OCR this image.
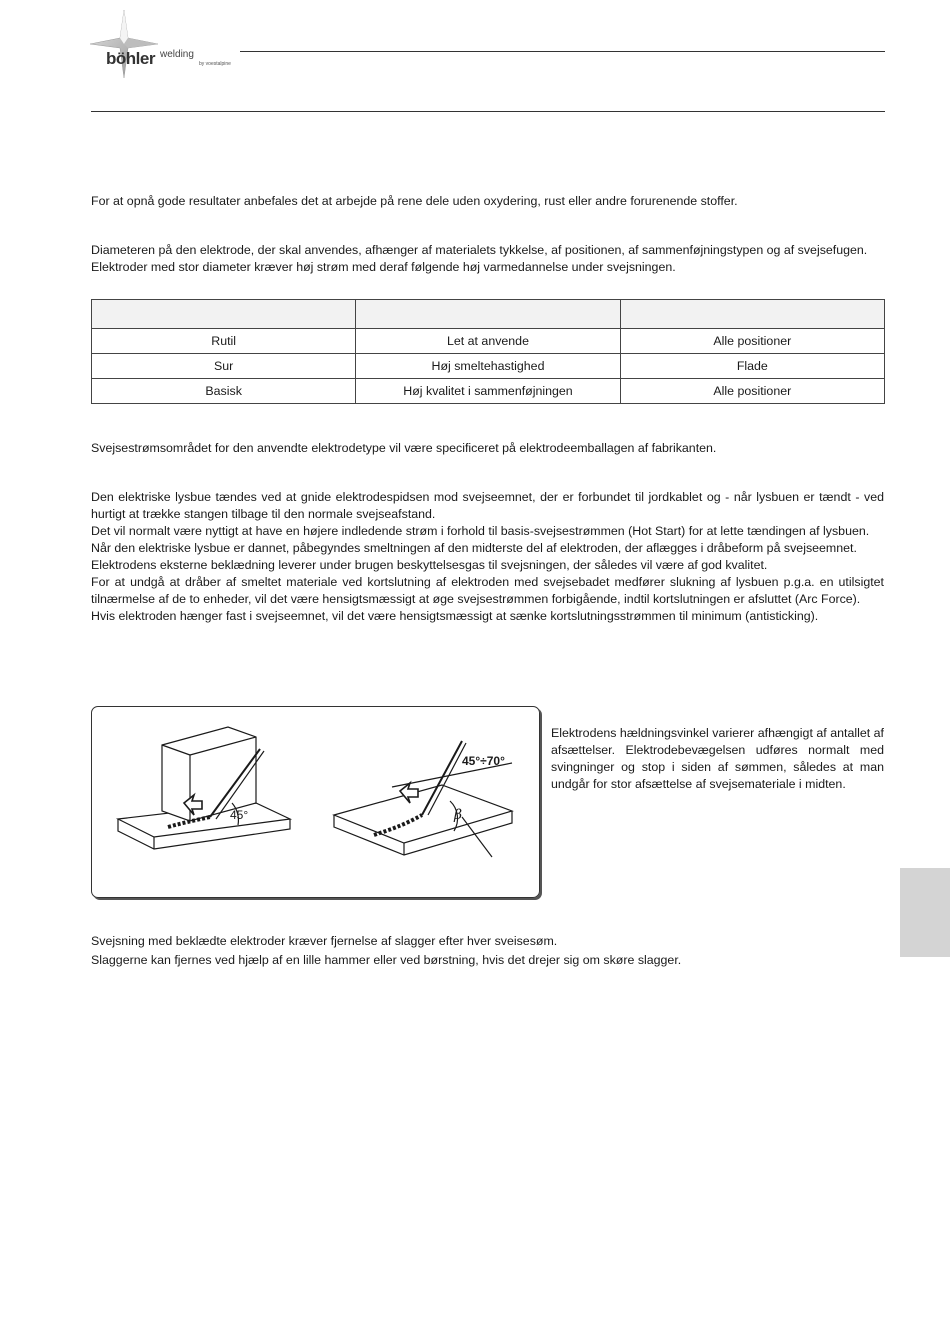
böhler welding
by voestalpine

For at opnå gode resultater anbefales det at arbejde på rene dele uden oxydering, rust eller andre forurenende stoffer.

Diameteren på den elektrode, der skal anvendes, afhænger af materialets tykkelse, af positionen, af sammenføjningstypen og af svejsefugen.

Elektroder med stor diameter kræver høj strøm med deraf følgende høj varmedannelse under svejsningen.

Rutil	Let at anvende	Alle positioner
Sur	Høj smeltehastighed	Flade
Basisk	Høj kvalitet i sammenføjningen	Alle positioner

Svejsestrømsområdet for den anvendte elektrodetype vil være specificeret på elektrodeemballagen af fabrikanten.

Den elektriske lysbue tændes ved at gnide elektrodespidsen mod svejseemnet, der er forbundet til jordkablet og - når lysbuen er tændt - ved hurtigt at trække stangen tilbage til den normale svejseafstand.

Det vil normalt være nyttigt at have en højere indledende strøm i forhold til basis-svejsestrømmen (Hot Start) for at lette tændingen af lysbuen.

Når den elektriske lysbue er dannet, påbegyndes smeltningen af den midterste del af elektroden, der aflægges i dråbeform på svejseemnet.

Elektrodens eksterne beklædning leverer under brugen beskyttelsesgas til svejsningen, der således vil være af god kvalitet.

For at undgå at dråber af smeltet materiale ved kortslutning af elektroden med svejsebadet medfører slukning af lysbuen p.g.a. en utilsigtet tilnærmelse af de to enheder, vil det være hensigtsmæssigt at øge svejsestrømmen forbigående, indtil kortslutningen er afsluttet (Arc Force).

Hvis elektroden hænger fast i svejseemnet, vil det være hensigtsmæssigt at sænke kortslutningsstrømmen til minimum (antisticking).

45°
45°÷70°
β

Elektrodens hældningsvinkel varierer afhængigt af antallet af afsættelser. Elektrodebevægelsen udføres normalt med svingninger og stop i siden af sømmen, således at man undgår for stor afsættelse af svejsemateriale i midten.

Svejsning med beklædte elektroder kræver fjernelse af slagger efter hver sveisesøm.

Slaggerne kan fjernes ved hjælp af en lille hammer eller ved børstning, hvis det drejer sig om skøre slagger.
